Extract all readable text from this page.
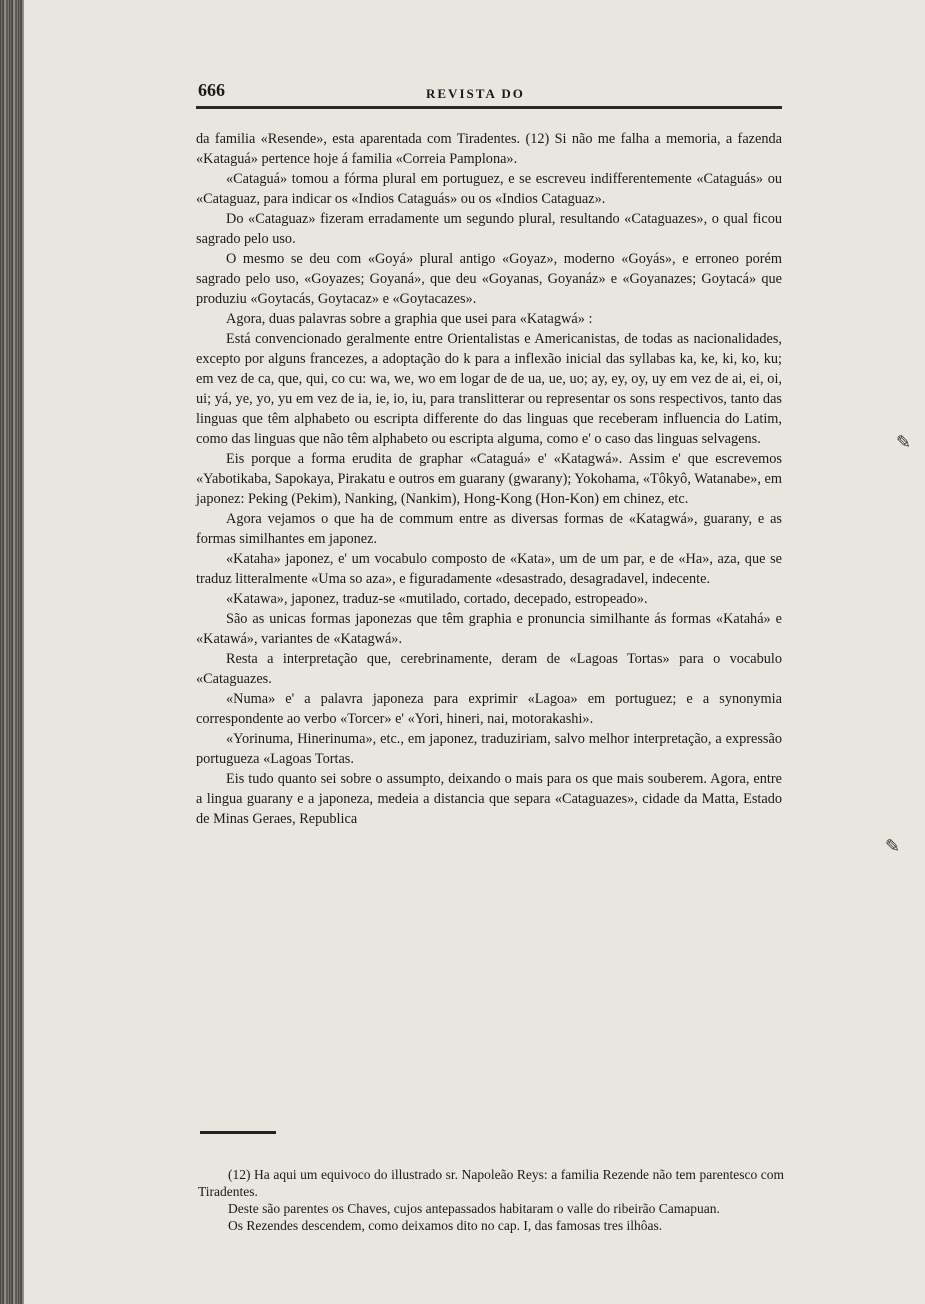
666	REVISTA DO

da familia «Resende», esta aparentada com Tiradentes. (12) Si não me falha a memoria, a fazenda «Kataguá» pertence hoje á familia «Correia Pamplona».

«Cataguá» tomou a fórma plural em portuguez, e se escreveu indifferentemente «Cataguás» ou «Cataguaz, para indicar os «Indios Cataguás» ou os «Indios Cataguaz».

Do «Cataguaz» fizeram erradamente um segundo plural, resultando «Cataguazes», o qual ficou sagrado pelo uso.

O mesmo se deu com «Goyá» plural antigo «Goyaz», moderno «Goyás», e erroneo porém sagrado pelo uso, «Goyazes; Goyaná», que deu «Goyanas, Goyanáz» e «Goyanazes; Goytacá» que produziu «Goytacás, Goytacaz» e «Goytacazes».

Agora, duas palavras sobre a graphia que usei para «Katagwá» :

Está convencionado geralmente entre Orientalistas e Americanistas, de todas as nacionalidades, excepto por alguns francezes, a adoptação do k para a inflexão inicial das syllabas ka, ke, ki, ko, ku; em vez de ca, que, qui, co cu: wa, we, wo em logar de de ua, ue, uo; ay, ey, oy, uy em vez de ai, ei, oi, ui; yá, ye, yo, yu em vez de ia, ie, io, iu, para translitterar ou representar os sons respectivos, tanto das linguas que têm alphabeto ou escripta differente do das linguas que receberam influencia do Latim, como das linguas que não têm alphabeto ou escripta alguma, como e' o caso das linguas selvagens.

Eis porque a forma erudita de graphar «Cataguá» e' «Katagwá». Assim e' que escrevemos «Yabotikaba, Sapokaya, Pirakatu e outros em guarany (gwarany); Yokohama, «Tôkyô, Watanabe», em japonez: Peking (Pekim), Nanking, (Nankim), Hong-Kong (Hon-Kon) em chinez, etc.

Agora vejamos o que ha de commum entre as diversas formas de «Katagwá», guarany, e as formas similhantes em japonez.

«Kataha» japonez, e' um vocabulo composto de «Kata», um de um par, e de «Ha», aza, que se traduz litteralmente «Uma so aza», e figuradamente «desastrado, desagradavel, indecente.

«Katawa», japonez, traduz-se «mutilado, cortado, decepado, estropeado».

São as unicas formas japonezas que têm graphia e pronuncia similhante ás formas «Katahá» e «Katawá», variantes de «Katagwá».

Resta a interpretação que, cerebrinamente, deram de «Lagoas Tortas» para o vocabulo «Cataguazes.

«Numa» e' a palavra japoneza para exprimir «Lagoa» em portuguez; e a synonymia correspondente ao verbo «Torcer» e' «Yori, hineri, nai, motorakashi».

«Yorinuma, Hinerinuma», etc., em japonez, traduziriam, salvo melhor interpretação, a expressão portugueza «Lagoas Tortas.

Eis tudo quanto sei sobre o assumpto, deixando o mais para os que mais souberem. Agora, entre a lingua guarany e a japoneza, medeia a distancia que separa «Cataguazes», cidade da Matta, Estado de Minas Geraes, Republica

(12) Ha aqui um equivoco do illustrado sr. Napoleão Reys: a familia Rezende não tem parentesco com Tiradentes.

Deste são parentes os Chaves, cujos antepassados habitaram o valle do ribeirão Camapuan.

Os Rezendes descendem, como deixamos dito no cap. I, das famosas tres ilhôas.

✎
✎
